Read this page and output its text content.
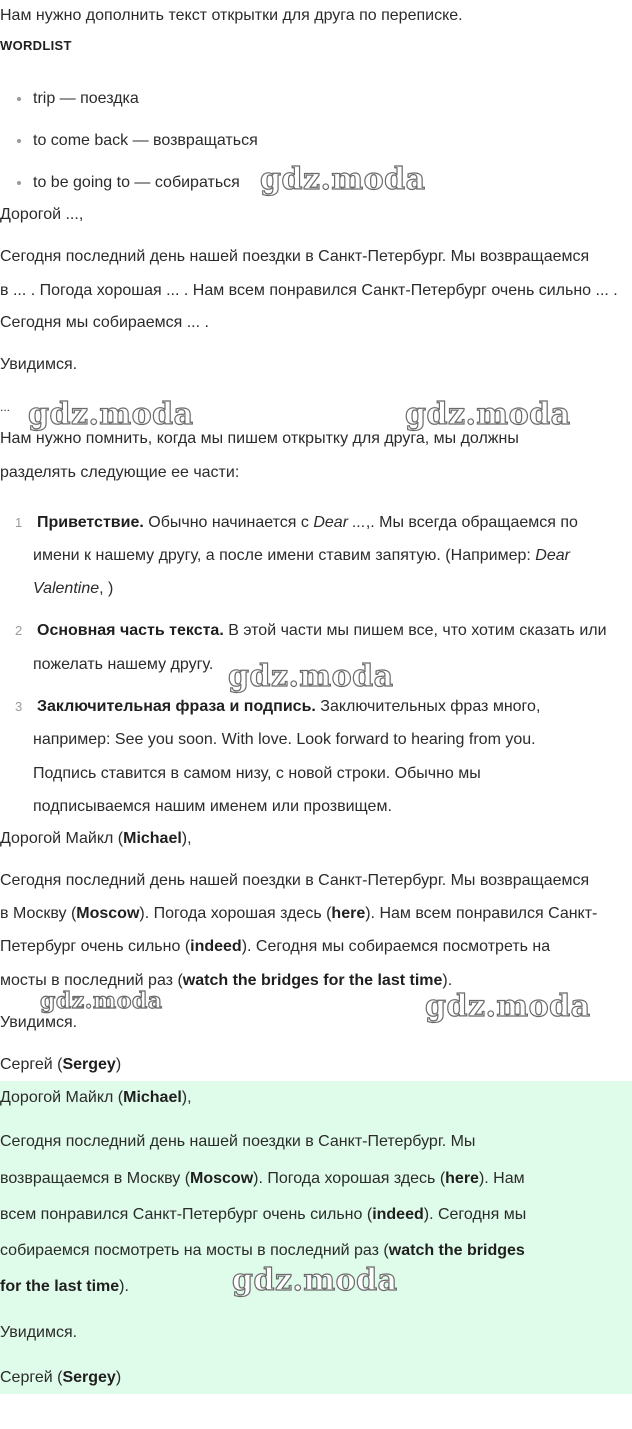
Нам нужно дополнить текст открытки для друга по переписке.
WORDLIST
trip — поездка
to come back — возвращаться
to be going to — собираться
Дорогой ...,
Сегодня последний день нашей поездки в Санкт-Петербург. Мы возвращаемся
в ... . Погода хорошая ... . Нам всем понравился Санкт-Петербург очень сильно ... .
Сегодня мы собираемся ... .
Увидимся.
...
Нам нужно помнить, когда мы пишем открытку для друга, мы должны
разделять следующие ее части:
1 Приветствие. Обычно начинается с Dear ...,. Мы всегда обращаемся по
имени к нашему другу, а после имени ставим запятую. (Например: Dear
Valentine, )
2 Основная часть текста. В этой части мы пишем все, что хотим сказать или
пожелать нашему другу.
3 Заключительная фраза и подпись. Заключительных фраз много,
например: See you soon. With love. Look forward to hearing from you.
Подпись ставится в самом низу, с новой строки. Обычно мы
подписываемся нашим именем или прозвищем.
Дорогой Майкл (Michael),
Сегодня последний день нашей поездки в Санкт-Петербург. Мы возвращаемся
в Москву (Moscow). Погода хорошая здесь (here). Нам всем понравился Санкт-
Петербург очень сильно (indeed). Сегодня мы собираемся посмотреть на
мосты в последний раз (watch the bridges for the last time).
Увидимся.
Сергей (Sergey)
Дорогой Майкл (Michael),
Сегодня последний день нашей поездки в Санкт-Петербург. Мы
возвращаемся в Москву (Moscow). Погода хорошая здесь (here). Нам
всем понравился Санкт-Петербург очень сильно (indeed). Сегодня мы
собираемся посмотреть на мосты в последний раз (watch the bridges
for the last time).
Увидимся.
Сергей (Sergey)
gdz.moda
gdz.moda	gdz.moda
gdz.moda
gdz.moda	gdz.moda
gdz.moda
